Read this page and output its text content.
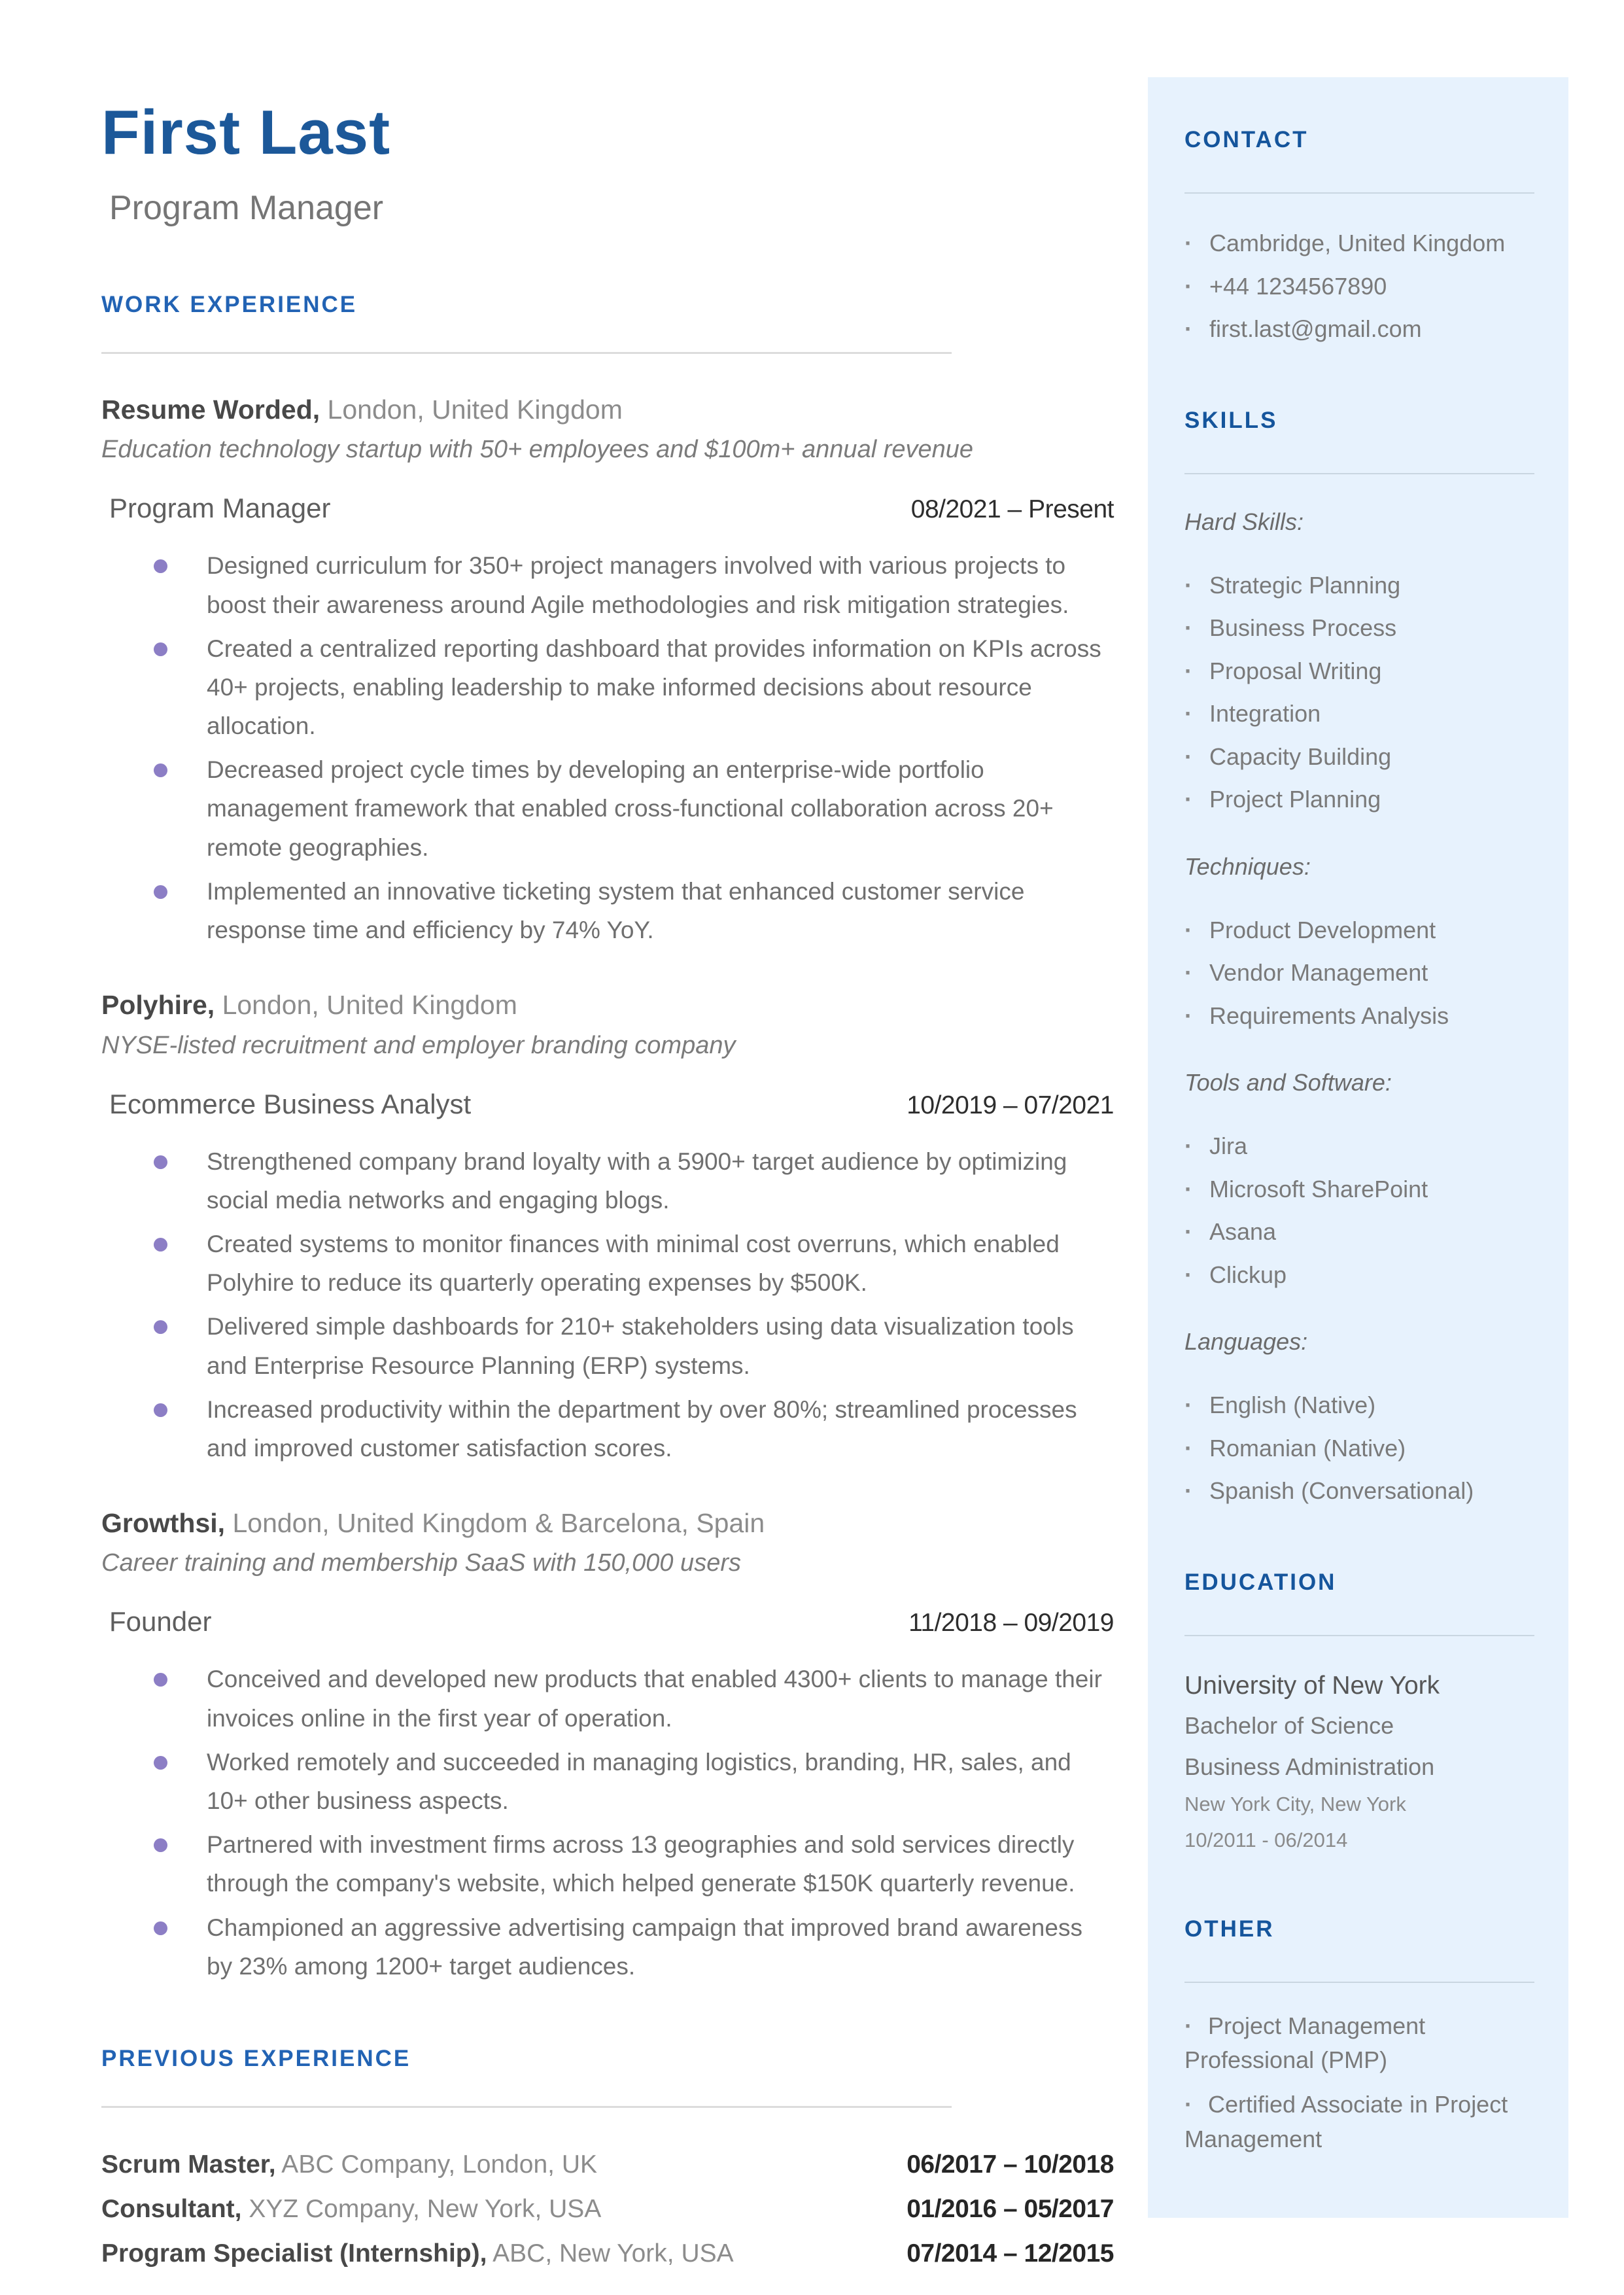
First Last
Program Manager
WORK EXPERIENCE
Resume Worded, London, United Kingdom
Education technology startup with 50+ employees and $100m+ annual revenue
Program Manager	08/2021 – Present
Designed curriculum for 350+ project managers involved with various projects to boost their awareness around Agile methodologies and risk mitigation strategies.
Created a centralized reporting dashboard that provides information on KPIs across 40+ projects, enabling leadership to make informed decisions about resource allocation.
Decreased project cycle times by developing an enterprise-wide portfolio management framework that enabled cross-functional collaboration across 20+ remote geographies.
Implemented an innovative ticketing system that enhanced customer service response time and efficiency by 74% YoY.
Polyhire, London, United Kingdom
NYSE-listed recruitment and employer branding company
Ecommerce Business Analyst	10/2019 – 07/2021
Strengthened company brand loyalty with a 5900+ target audience by optimizing social media networks and engaging blogs.
Created systems to monitor finances with minimal cost overruns, which enabled Polyhire to reduce its quarterly operating expenses by $500K.
Delivered simple dashboards for 210+ stakeholders using data visualization tools and Enterprise Resource Planning (ERP) systems.
Increased productivity within the department by over 80%; streamlined processes and improved customer satisfaction scores.
Growthsi, London, United Kingdom & Barcelona, Spain
Career training and membership SaaS with 150,000 users
Founder	11/2018 – 09/2019
Conceived and developed new products that enabled 4300+ clients to manage their invoices online in the first year of operation.
Worked remotely and succeeded in managing logistics, branding, HR, sales, and 10+ other business aspects.
Partnered with investment firms across 13 geographies and sold services directly through the company's website, which helped generate $150K quarterly revenue.
Championed an aggressive advertising campaign that improved brand awareness by 23% among 1200+ target audiences.
PREVIOUS EXPERIENCE
Scrum Master, ABC Company, London, UK	06/2017 – 10/2018
Consultant, XYZ Company, New York, USA	01/2016 – 05/2017
Program Specialist (Internship), ABC, New York, USA	07/2014 – 12/2015
CONTACT
· Cambridge, United Kingdom
· +44 1234567890
· first.last@gmail.com
SKILLS
Hard Skills:
· Strategic Planning
· Business Process
· Proposal Writing
· Integration
· Capacity Building
· Project Planning
Techniques:
· Product Development
· Vendor Management
· Requirements Analysis
Tools and Software:
· Jira
· Microsoft SharePoint
· Asana
· Clickup
Languages:
· English (Native)
· Romanian (Native)
· Spanish (Conversational)
EDUCATION
University of New York
Bachelor of Science
Business Administration
New York City, New York
10/2011 - 06/2014
OTHER
· Project Management Professional (PMP)
· Certified Associate in Project Management
